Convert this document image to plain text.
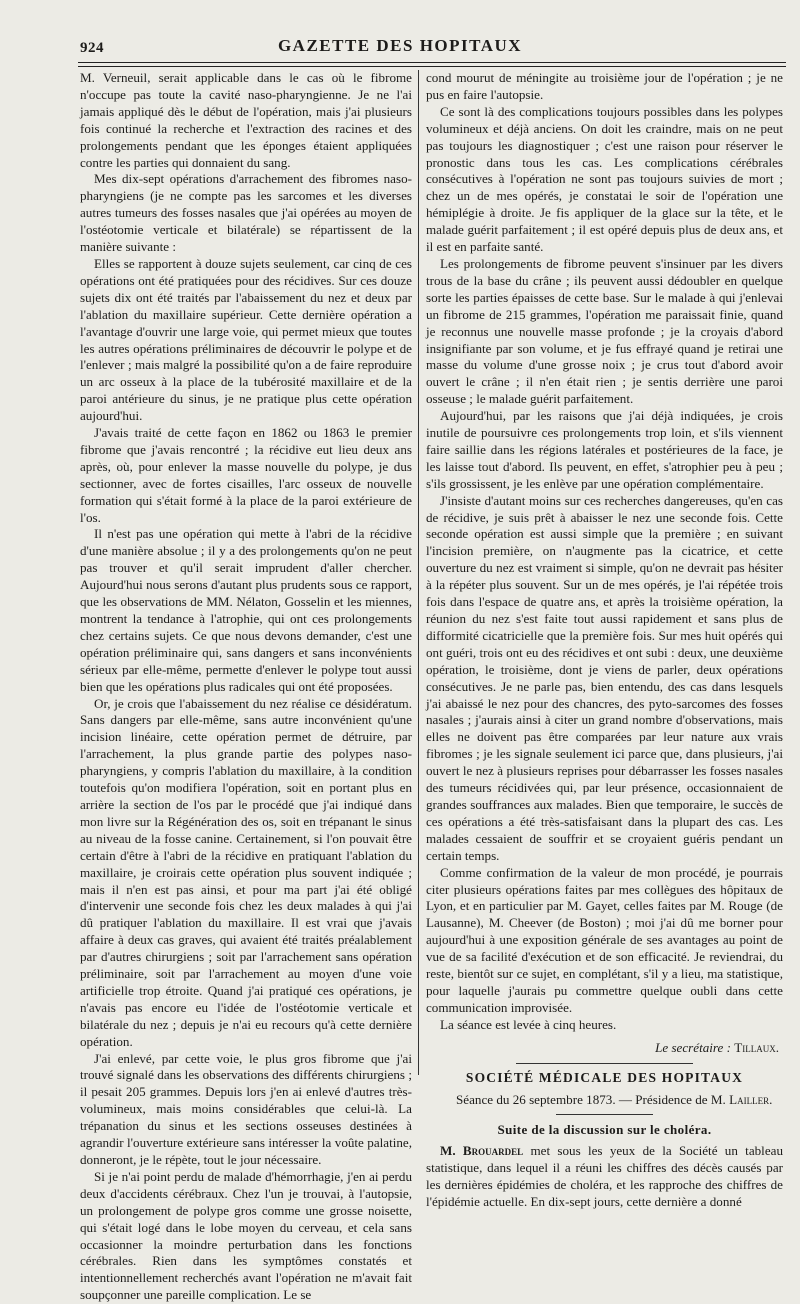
924	GAZETTE DES HOPITAUX

M. Verneuil, serait applicable dans le cas où le fibrome n'occupe pas toute la cavité naso-pharyngienne. Je ne l'ai jamais appliqué dès le début de l'opération, mais j'ai plusieurs fois continué la recherche et l'extraction des racines et des prolongements pendant que les éponges étaient appliquées contre les parties qui donnaient du sang.

Mes dix-sept opérations d'arrachement des fibromes naso-pharyngiens (je ne compte pas les sarcomes et les diverses autres tumeurs des fosses nasales que j'ai opérées au moyen de l'ostéotomie verticale et bilatérale) se répartissent de la manière suivante :

Elles se rapportent à douze sujets seulement, car cinq de ces opérations ont été pratiquées pour des récidives. Sur ces douze sujets dix ont été traités par l'abaissement du nez et deux par l'ablation du maxillaire supérieur. Cette dernière opération a l'avantage d'ouvrir une large voie, qui permet mieux que toutes les autres opérations préliminaires de découvrir le polype et de l'enlever ; mais malgré la possibilité qu'on a de faire reproduire un arc osseux à la place de la tubérosité maxillaire et de la paroi antérieure du sinus, je ne pratique plus cette opération aujourd'hui.

J'avais traité de cette façon en 1862 ou 1863 le premier fibrome que j'avais rencontré ; la récidive eut lieu deux ans après, où, pour enlever la masse nouvelle du polype, je dus sectionner, avec de fortes cisailles, l'arc osseux de nouvelle formation qui s'était formé à la place de la paroi extérieure de l'os.

Il n'est pas une opération qui mette à l'abri de la récidive d'une manière absolue ; il y a des prolongements qu'on ne peut pas trouver et qu'il serait imprudent d'aller chercher. Aujourd'hui nous serons d'autant plus prudents sous ce rapport, que les observations de MM. Nélaton, Gosselin et les miennes, montrent la tendance à l'atrophie, qui ont ces prolongements chez certains sujets. Ce que nous devons demander, c'est une opération préliminaire qui, sans dangers et sans inconvénients sérieux par elle-même, permette d'enlever le polype tout aussi bien que les opérations plus radicales qui ont été proposées.

Or, je crois que l'abaissement du nez réalise ce désidératum. Sans dangers par elle-même, sans autre inconvénient qu'une incision linéaire, cette opération permet de détruire, par l'arrachement, la plus grande partie des polypes naso-pharyngiens, y compris l'ablation du maxillaire, à la condition toutefois qu'on modifiera l'opération, soit en portant plus en arrière la section de l'os par le procédé que j'ai indiqué dans mon livre sur la Régénération des os, soit en trépanant le sinus au niveau de la fosse canine. Certainement, si l'on pouvait être certain d'être à l'abri de la récidive en pratiquant l'ablation du maxillaire, je croirais cette opération plus souvent indiquée ; mais il n'en est pas ainsi, et pour ma part j'ai été obligé d'intervenir une seconde fois chez les deux malades à qui j'ai dû pratiquer l'ablation du maxillaire. Il est vrai que j'avais affaire à deux cas graves, qui avaient été traités préalablement par d'autres chirurgiens ; soit par l'arrachement sans opération préliminaire, soit par l'arrachement au moyen d'une voie artificielle trop étroite. Quand j'ai pratiqué ces opérations, je n'avais pas encore eu l'idée de l'ostéotomie verticale et bilatérale du nez ; depuis je n'ai eu recours qu'à cette dernière opération.

J'ai enlevé, par cette voie, le plus gros fibrome que j'ai trouvé signalé dans les observations des différents chirurgiens ; il pesait 205 grammes. Depuis lors j'en ai enlevé d'autres très-volumineux, mais moins considérables que celui-là. La trépanation du sinus et les sections osseuses destinées à agrandir l'ouverture extérieure sans intéresser la voûte palatine, donneront, je le répète, tout le jour nécessaire.

Si je n'ai point perdu de malade d'hémorrhagie, j'en ai perdu deux d'accidents cérébraux. Chez l'un je trouvai, à l'autopsie, un prolongement de polype gros comme une grosse noisette, qui s'était logé dans le lobe moyen du cerveau, et cela sans occasionner la moindre perturbation dans les fonctions cérébrales. Rien dans les symptômes constatés et intentionnellement recherchés avant l'opération ne m'avait fait soupçonner une pareille complication. Le se

cond mourut de méningite au troisième jour de l'opération ; je ne pus en faire l'autopsie.

Ce sont là des complications toujours possibles dans les polypes volumineux et déjà anciens. On doit les craindre, mais on ne peut pas toujours les diagnostiquer ; c'est une raison pour réserver le pronostic dans tous les cas. Les complications cérébrales consécutives à l'opération ne sont pas toujours suivies de mort ; chez un de mes opérés, je constatai le soir de l'opération une hémiplégie à droite. Je fis appliquer de la glace sur la tête, et le malade guérit parfaitement ; il est opéré depuis plus de deux ans, et il est en parfaite santé.

Les prolongements de fibrome peuvent s'insinuer par les divers trous de la base du crâne ; ils peuvent aussi dédoubler en quelque sorte les parties épaisses de cette base. Sur le malade à qui j'enlevai un fibrome de 215 grammes, l'opération me paraissait finie, quand je reconnus une nouvelle masse profonde ; je la croyais d'abord insignifiante par son volume, et je fus effrayé quand je retirai une masse du volume d'une grosse noix ; je crus tout d'abord avoir ouvert le crâne ; il n'en était rien ; je sentis derrière une paroi osseuse ; le malade guérit parfaitement.

Aujourd'hui, par les raisons que j'ai déjà indiquées, je crois inutile de poursuivre ces prolongements trop loin, et s'ils viennent faire saillie dans les régions latérales et postérieures de la face, je les laisse tout d'abord. Ils peuvent, en effet, s'atrophier peu à peu ; s'ils grossissent, je les enlève par une opération complémentaire.

J'insiste d'autant moins sur ces recherches dangereuses, qu'en cas de récidive, je suis prêt à abaisser le nez une seconde fois. Cette seconde opération est aussi simple que la première ; en suivant l'incision première, on n'augmente pas la cicatrice, et cette ouverture du nez est vraiment si simple, qu'on ne devrait pas hésiter à la répéter plus souvent. Sur un de mes opérés, je l'ai répétée trois fois dans l'espace de quatre ans, et après la troisième opération, la réunion du nez s'est faite tout aussi rapidement et sans plus de difformité cicatricielle que la première fois. Sur mes huit opérés qui ont guéri, trois ont eu des récidives et ont subi : deux, une deuxième opération, le troisième, dont je viens de parler, deux opérations consécutives. Je ne parle pas, bien entendu, des cas dans lesquels j'ai abaissé le nez pour des chancres, des pyto-sarcomes des fosses nasales ; j'aurais ainsi à citer un grand nombre d'observations, mais elles ne doivent pas être comparées par leur nature aux vrais fibromes ; je les signale seulement ici parce que, dans plusieurs, j'ai ouvert le nez à plusieurs reprises pour débarrasser les fosses nasales des tumeurs récidivées qui, par leur présence, occasionnaient de grandes souffrances aux malades. Bien que temporaire, le succès de ces opérations a été très-satisfaisant dans la plupart des cas. Les malades cessaient de souffrir et se croyaient guéris pendant un certain temps.

Comme confirmation de la valeur de mon procédé, je pourrais citer plusieurs opérations faites par mes collègues des hôpitaux de Lyon, et en particulier par M. Gayet, celles faites par M. Rouge (de Lausanne), M. Cheever (de Boston) ; moi j'ai dû me borner pour aujourd'hui à une exposition générale de ses avantages au point de vue de sa facilité d'exécution et de son efficacité. Je reviendrai, du reste, bientôt sur ce sujet, en complétant, s'il y a lieu, ma statistique, pour laquelle j'aurais pu commettre quelque oubli dans cette communication improvisée.

La séance est levée à cinq heures.

Le secrétaire : Tillaux.
SOCIÉTÉ MÉDICALE DES HOPITAUX

Séance du 26 septembre 1873. — Présidence de M. Lailler.

Suite de la discussion sur le choléra.

M. Brouardel met sous les yeux de la Société un tableau statistique, dans lequel il a réuni les chiffres des décès causés par les dernières épidémies de choléra, et les rapproche des chiffres de l'épidémie actuelle. En dix-sept jours, cette dernière a donné
